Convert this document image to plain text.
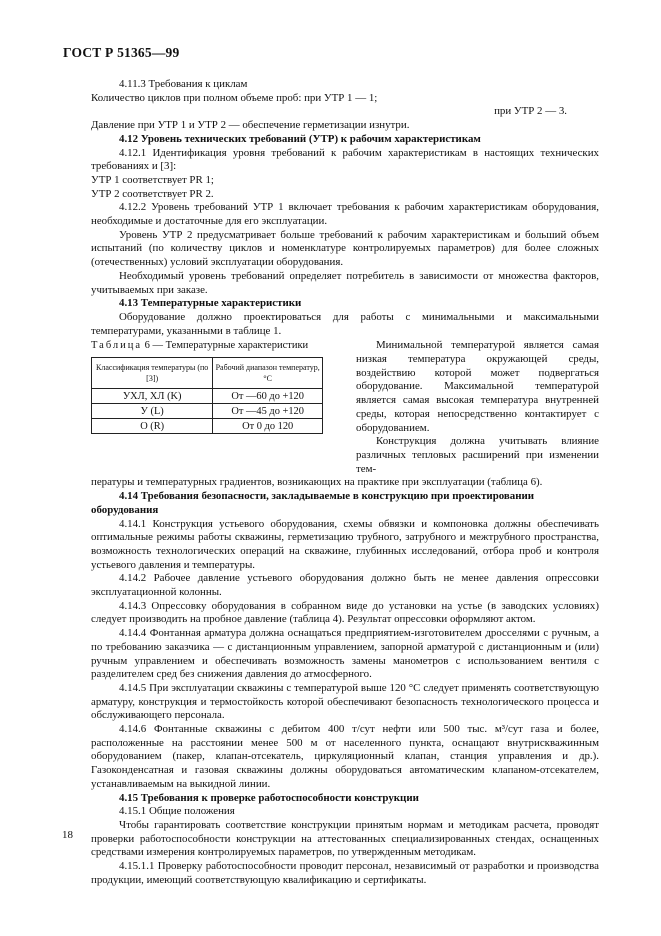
ГОСТ Р 51365—99

4.11.3 Требования к циклам

Количество циклов при полном объеме проб: при УТР 1 — 1;

при УТР 2 — 3.

Давление при УТР 1 и УТР 2 — обеспечение герметизации изнутри.

4.12 Уровень технических требований (УТР) к рабочим характеристикам

4.12.1 Идентификация уровня требований к рабочим характеристикам в настоящих технических требованиях и [3]:

УТР 1 соответствует PR 1;

УТР 2 соответствует PR 2.

4.12.2 Уровень требований УТР 1 включает требования к рабочим характеристикам оборудования, необходимые и достаточные для его эксплуатации.

Уровень УТР 2 предусматривает больше требований к рабочим характеристикам и больший объем испытаний (по количеству циклов и номенклатуре контролируемых параметров) для более сложных (отечественных) условий эксплуатации оборудования.

Необходимый уровень требований определяет потребитель в зависимости от множества факторов, учитываемых при заказе.

4.13 Температурные характеристики

Оборудование должно проектироваться для работы с минимальными и максимальными температурами, указанными в таблице 1.

Таблица 6 — Температурные характеристики

Классификация температуры (по [3])	Рабочий диапазон температур, °С
УХЛ, ХЛ (K)	От —60 до +120
У (L)	От —45 до +120
O (R)	От 0 до 120

Минимальной температурой является самая низкая температура окружающей среды, воздействию которой может подвергаться оборудование. Максимальной температурой является самая высокая температура внутренней среды, которая непосредственно контактирует с оборудованием.

Конструкция должна учитывать влияние различных тепловых расширений при изменении тем-

пературы и температурных градиентов, возникающих на практике при эксплуатации (таблица 6).

4.14 Требования безопасности, закладываемые в конструкцию при проектировании оборудования

4.14.1 Конструкция устьевого оборудования, схемы обвязки и компоновка должны обеспечивать оптимальные режимы работы скважины, герметизацию трубного, затрубного и межтрубного пространства, возможность технологических операций на скважине, глубинных исследований, отбора проб и контроля устьевого давления и температуры.

4.14.2 Рабочее давление устьевого оборудования должно быть не менее давления опрессовки эксплуатационной колонны.

4.14.3 Опрессовку оборудования в собранном виде до установки на устье (в заводских условиях) следует производить на пробное давление (таблица 4). Результат опрессовки оформляют актом.

4.14.4 Фонтанная арматура должна оснащаться предприятием-изготовителем дросселями с ручным, а по требованию заказчика — с дистанционным управлением, запорной арматурой с дистанционным и (или) ручным управлением и обеспечивать возможность замены манометров с использованием вентиля с разделителем сред без снижения давления до атмосферного.

4.14.5 При эксплуатации скважины с температурой выше 120 °С следует применять соответствующую арматуру, конструкция и термостойкость которой обеспечивают безопасность технологического процесса и обслуживающего персонала.

4.14.6 Фонтанные скважины с дебитом 400 т/сут нефти или 500 тыс. м³/сут газа и более, расположенные на расстоянии менее 500 м от населенного пункта, оснащают внутрискважинным оборудованием (пакер, клапан-отсекатель, циркуляционный клапан, станция управления и др.). Газоконденсатная и газовая скважины должны оборудоваться автоматическим клапаном-отсекателем, устанавливаемым на выкидной линии.

4.15 Требования к проверке работоспособности конструкции

4.15.1 Общие положения

Чтобы гарантировать соответствие конструкции принятым нормам и методикам расчета, проводят проверки работоспособности конструкции на аттестованных специализированных стендах, оснащенных средствами измерения контролируемых параметров, по утвержденным методикам.

4.15.1.1 Проверку работоспособности проводит персонал, независимый от разработки и производства продукции, имеющий соответствующую квалификацию и сертификаты.

18
